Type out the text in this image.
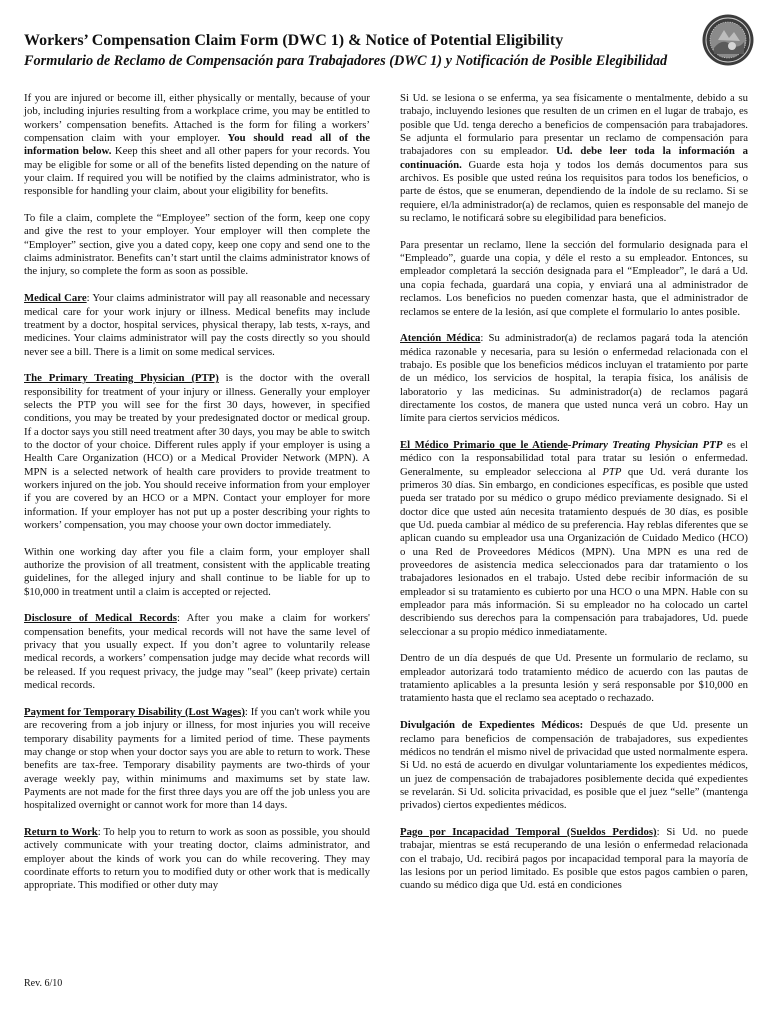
Workers’ Compensation Claim Form (DWC 1) & Notice of Potential Eligibility
Formulario de Reclamo de Compensación para Trabajadores (DWC 1) y Notificación de Posible Elegibilidad

If you are injured or become ill, either physically or mentally, because of your job, including injuries resulting from a workplace crime, you may be entitled to workers’ compensation benefits. Attached is the form for filing a workers’ compensation claim with your employer. You should read all of the information below. Keep this sheet and all other papers for your records. You may be eligible for some or all of the benefits listed depending on the nature of your claim. If required you will be notified by the claims administrator, who is responsible for handling your claim, about your eligibility for benefits.

To file a claim, complete the “Employee” section of the form, keep one copy and give the rest to your employer. Your employer will then complete the “Employer” section, give you a dated copy, keep one copy and send one to the claims administrator. Benefits can’t start until the claims administrator knows of the injury, so complete the form as soon as possible.

Medical Care: Your claims administrator will pay all reasonable and necessary medical care for your work injury or illness. Medical benefits may include treatment by a doctor, hospital services, physical therapy, lab tests, x-rays, and medicines. Your claims administrator will pay the costs directly so you should never see a bill. There is a limit on some medical services.

The Primary Treating Physician (PTP) is the doctor with the overall responsibility for treatment of your injury or illness. Generally your employer selects the PTP you will see for the first 30 days, however, in specified conditions, you may be treated by your predesignated doctor or medical group. If a doctor says you still need treatment after 30 days, you may be able to switch to the doctor of your choice. Different rules apply if your employer is using a Health Care Organization (HCO) or a Medical Provider Network (MPN). A MPN is a selected network of health care providers to provide treatment to workers injured on the job. You should receive information from your employer if you are covered by an HCO or a MPN. Contact your employer for more information. If your employer has not put up a poster describing your rights to workers’ compensation, you may choose your own doctor immediately.

Within one working day after you file a claim form, your employer shall authorize the provision of all treatment, consistent with the applicable treating guidelines, for the alleged injury and shall continue to be liable for up to $10,000 in treatment until a claim is accepted or rejected.

Disclosure of Medical Records: After you make a claim for workers' compensation benefits, your medical records will not have the same level of privacy that you usually expect. If you don’t agree to voluntarily release medical records, a workers’ compensation judge may decide what records will be released. If you request privacy, the judge may "seal" (keep private) certain medical records.

Payment for Temporary Disability (Lost Wages): If you can't work while you are recovering from a job injury or illness, for most injuries you will receive temporary disability payments for a limited period of time. These payments may change or stop when your doctor says you are able to return to work. These benefits are tax-free. Temporary disability payments are two-thirds of your average weekly pay, within minimums and maximums set by state law. Payments are not made for the first three days you are off the job unless you are hospitalized overnight or cannot work for more than 14 days.

Return to Work: To help you to return to work as soon as possible, you should actively communicate with your treating doctor, claims administrator, and employer about the kinds of work you can do while recovering. They may coordinate efforts to return you to modified duty or other work that is medically appropriate. This modified or other duty may

Si Ud. se lesiona o se enferma, ya sea físicamente o mentalmente, debido a su trabajo, incluyendo lesiones que resulten de un crimen en el lugar de trabajo, es posible que Ud. tenga derecho a beneficios de compensación para trabajadores. Se adjunta el formulario para presentar un reclamo de compensación para trabajadores con su empleador. Ud. debe leer toda la información a continuación. Guarde esta hoja y todos los demás documentos para sus archivos. Es posible que usted reúna los requisitos para todos los beneficios, o parte de éstos, que se enumeran, dependiendo de la índole de su reclamo. Si se requiere, el/la administrador(a) de reclamos, quien es responsable del manejo de su reclamo, le notificará sobre su elegibilidad para beneficios.

Para presentar un reclamo, llene la sección del formulario designada para el “Empleado”, guarde una copia, y déle el resto a su empleador. Entonces, su empleador completará la sección designada para el “Empleador”, le dará a Ud. una copia fechada, guardará una copia, y enviará una al administrador de reclamos. Los beneficios no pueden comenzar hasta, que el administrador de reclamos se entere de la lesión, así que complete el formulario lo antes posible.

Atención Médica: Su administrador(a) de reclamos pagará toda la atención médica razonable y necesaria, para su lesión o enfermedad relacionada con el trabajo. Es posible que los beneficios médicos incluyan el tratamiento por parte de un médico, los servicios de hospital, la terapia física, los análisis de laboratorio y las medicinas. Su administrador(a) de reclamos pagará directamente los costos, de manera que usted nunca verá un cobro. Hay un límite para ciertos servicios médicos.

El Médico Primario que le Atiende-Primary Treating Physician PTP es el médico con la responsabilidad total para tratar su lesión o enfermedad. Generalmente, su empleador selecciona al PTP que Ud. verá durante los primeros 30 días. Sin embargo, en condiciones específicas, es posible que usted pueda ser tratado por su médico o grupo médico previamente designado. Si el doctor dice que usted aún necesita tratamiento después de 30 días, es posible que Ud. pueda cambiar al médico de su preferencia. Hay reblas diferentes que se aplican cuando su empleador usa una Organización de Cuidado Medico (HCO) o una Red de Proveedores Médicos (MPN). Una MPN es una red de proveedores de asistencia medica seleccionados para dar tratamiento o los trabajadores lesionados en el trabajo. Usted debe recibir información de su empleador si su tratamiento es cubierto por una HCO o una MPN. Hable con su empleador para más información. Si su empleador no ha colocado un cartel describiendo sus derechos para la compensación para trabajadores, Ud. puede seleccionar a su propio médico inmediatamente.

Dentro de un día después de que Ud. Presente un formulario de reclamo, su empleador autorizará todo tratamiento médico de acuerdo con las pautas de tratamiento aplicables a la presunta lesión y será responsable por $10,000 en tratamiento hasta que el reclamo sea aceptado o rechazado.

Divulgación de Expedientes Médicos: Después de que Ud. presente un reclamo para beneficios de compensación de trabajadores, sus expedientes médicos no tendrán el mismo nivel de privacidad que usted normalmente espera. Si Ud. no está de acuerdo en divulgar voluntariamente los expedientes médicos, un juez de compensación de trabajadores posiblemente decida qué expedientes se revelarán. Si Ud. solicita privacidad, es posible que el juez “selle” (mantenga privados) ciertos expedientes médicos.

Pago por Incapacidad Temporal (Sueldos Perdidos): Si Ud. no puede trabajar, mientras se está recuperando de una lesión o enfermedad relacionada con el trabajo, Ud. recibirá pagos por incapacidad temporal para la mayoría de las lesions por un period limitado. Es posible que estos pagos cambien o paren, cuando su médico diga que Ud. está en condiciones

Rev. 6/10
